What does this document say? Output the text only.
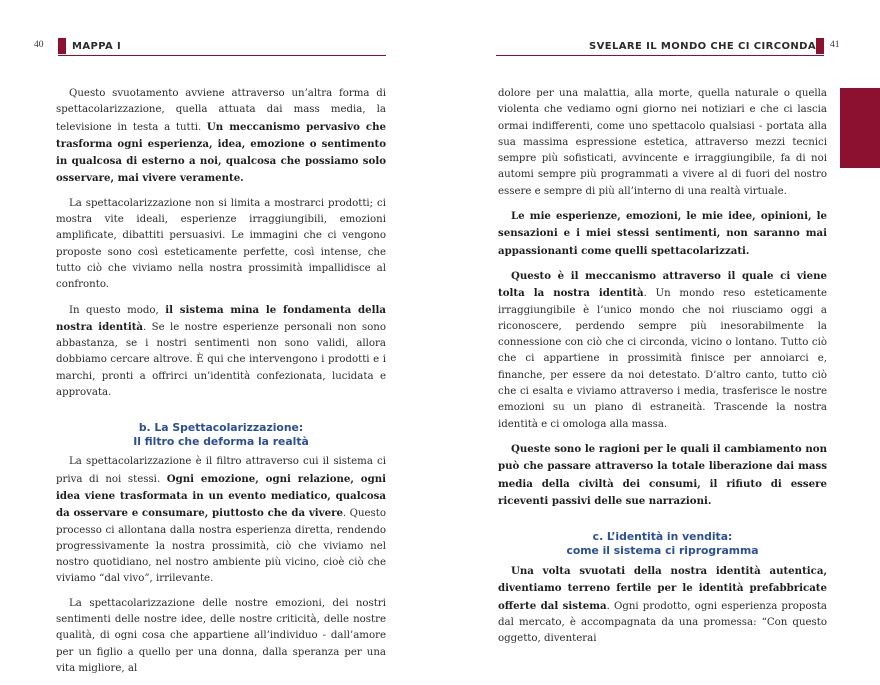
40	MAPPA I

Questo svuotamento avviene attraverso un’altra forma di spettacolarizzazione, quella attuata dai mass media, la televisione in testa a tutti. Un meccanismo pervasivo che trasforma ogni esperienza, idea, emozione o sentimento in qualcosa di esterno a noi, qualcosa che possiamo solo osservare, mai vivere veramente.

La spettacolarizzazione non si limita a mostrarci prodotti; ci mostra vite ideali, esperienze irraggiungibili, emozioni amplificate, dibattiti persuasivi. Le immagini che ci vengono proposte sono così esteticamente perfette, così intense, che tutto ciò che viviamo nella nostra prossimità impallidisce al confronto.

In questo modo, il sistema mina le fondamenta della nostra identità. Se le nostre esperienze personali non sono abbastanza, se i nostri sentimenti non sono validi, allora dobbiamo cercare altrove. È qui che intervengono i prodotti e i marchi, pronti a offrirci un’identità confezionata, lucidata e approvata.

b. La Spettacolarizzazione:
Il filtro che deforma la realtà

La spettacolarizzazione è il filtro attraverso cui il sistema ci priva di noi stessi. Ogni emozione, ogni relazione, ogni idea viene trasformata in un evento mediatico, qualcosa da osservare e consumare, piuttosto che da vivere. Questo processo ci allontana dalla nostra esperienza diretta, rendendo progressivamente la nostra prossimità, ciò che viviamo nel nostro quotidiano, nel nostro ambiente più vicino, cioè ciò che viviamo “dal vivo”, irrilevante.

La spettacolarizzazione delle nostre emozioni, dei nostri sentimenti delle nostre idee, delle nostre criticità, delle nostre qualità, di ogni cosa che appartiene all’individuo - dall’amore per un figlio a quello per una donna, dalla speranza per una vita migliore, al

SVELARE IL MONDO CHE CI CIRCONDA 41

dolore per una malattia, alla morte, quella naturale o quella violenta che vediamo ogni giorno nei notiziari e che ci lascia ormai indifferenti, come uno spettacolo qualsiasi - portata alla sua massima espressione estetica, attraverso mezzi tecnici sempre più sofisticati, avvincente e irraggiungibile, fa di noi automi sempre più programmati a vivere al di fuori del nostro essere e sempre di più all’interno di una realtà virtuale.

Le mie esperienze, emozioni, le mie idee, opinioni, le sensazioni e i miei stessi sentimenti, non saranno mai appassionanti come quelli spettacolarizzati.

Questo è il meccanismo attraverso il quale ci viene tolta la nostra identità. Un mondo reso esteticamente irraggiungibile è l’unico mondo che noi riusciamo oggi a riconoscere, perdendo sempre più inesorabilmente la connessione con ciò che ci circonda, vicino o lontano. Tutto ciò che ci appartiene in prossimità finisce per annoiarci e, finanche, per essere da noi detestato. D’altro canto, tutto ciò che ci esalta e viviamo attraverso i media, trasferisce le nostre emozioni su un piano di estraneità. Trascende la nostra identità e ci omologa alla massa.

Queste sono le ragioni per le quali il cambiamento non può che passare attraverso la totale liberazione dai mass media della civiltà dei consumi, il rifiuto di essere riceventi passivi delle sue narrazioni.

c. L’identità in vendita:
come il sistema ci riprogramma

Una volta svuotati della nostra identità autentica, diventiamo terreno fertile per le identità prefabbricate offerte dal sistema. Ogni prodotto, ogni esperienza proposta dal mercato, è accompagnata da una promessa: “Con questo oggetto, diventerai
